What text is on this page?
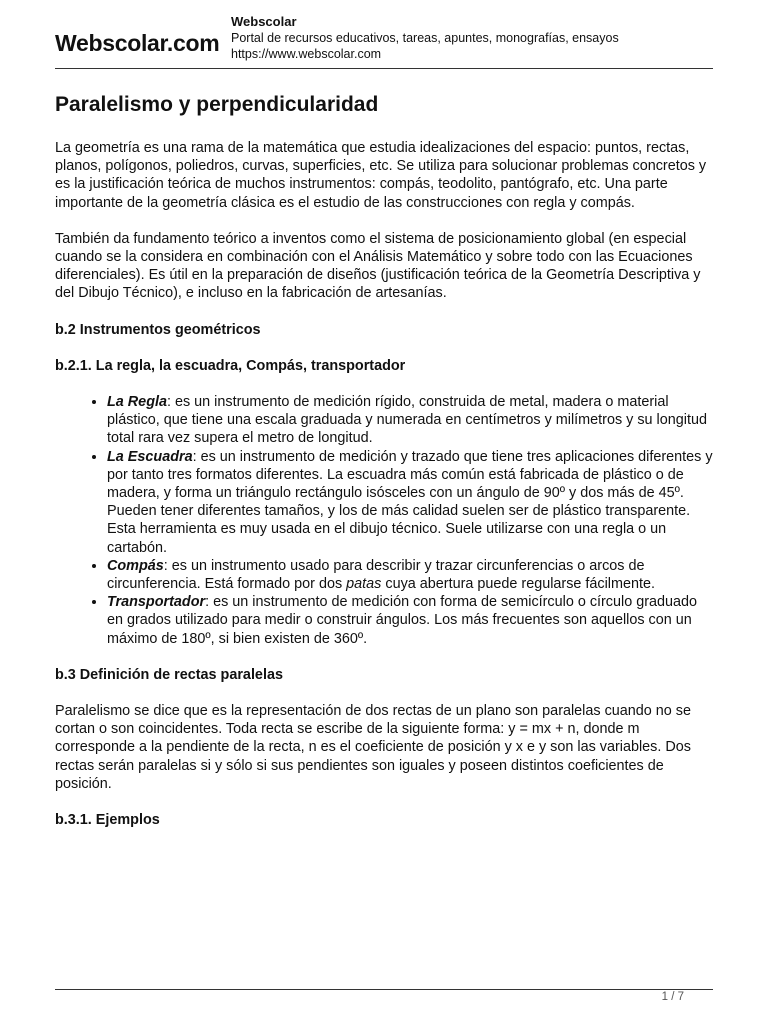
Webscolar.com
Webscolar
Portal de recursos educativos, tareas, apuntes, monografías, ensayos
https://www.webscolar.com
Paralelismo y perpendicularidad

La geometría es una rama de la matemática que estudia idealizaciones del espacio: puntos, rectas, planos, polígonos, poliedros, curvas, superficies, etc. Se utiliza para solucionar problemas concretos y es la justificación teórica de muchos instrumentos: compás, teodolito, pantógrafo, etc. Una parte importante de la geometría clásica es el estudio de las construcciones con regla y compás.

También da fundamento teórico a inventos como el sistema de posicionamiento global (en especial cuando se la considera en combinación con el Análisis Matemático y sobre todo con las Ecuaciones diferenciales). Es útil en la preparación de diseños (justificación teórica de la Geometría Descriptiva y del Dibujo Técnico), e incluso en la fabricación de artesanías.

b.2 Instrumentos geométricos
b.2.1. La regla, la escuadra, Compás, transportador
• La Regla: es un instrumento de medición rígido, construida de metal, madera o material plástico, que tiene una escala graduada y numerada en centímetros y milímetros y su longitud total rara vez supera el metro de longitud.
• La Escuadra: es un instrumento de medición y trazado que tiene tres aplicaciones diferentes y por tanto tres formatos diferentes. La escuadra más común está fabricada de plástico o de madera, y forma un triángulo rectángulo isósceles con un ángulo de 90º y dos más de 45º. Pueden tener diferentes tamaños, y los de más calidad suelen ser de plástico transparente. Esta herramienta es muy usada en el dibujo técnico. Suele utilizarse con una regla o un cartabón.
• Compás: es un instrumento usado para describir y trazar circunferencias o arcos de circunferencia. Está formado por dos patas cuya abertura puede regularse fácilmente.
• Transportador: es un instrumento de medición con forma de semicírculo o círculo graduado en grados utilizado para medir o construir ángulos. Los más frecuentes son aquellos con un máximo de 180º, si bien existen de 360º.
b.3 Definición de rectas paralelas

Paralelismo se dice que es la representación de dos rectas de un plano son paralelas cuando no se cortan o son coincidentes. Toda recta se escribe de la siguiente forma: y = mx + n, donde m corresponde a la pendiente de la recta, n es el coeficiente de posición y x e y son las variables. Dos rectas serán paralelas si y sólo si sus pendientes son iguales y poseen distintos coeficientes de posición.

b.3.1. Ejemplos
1 / 7
